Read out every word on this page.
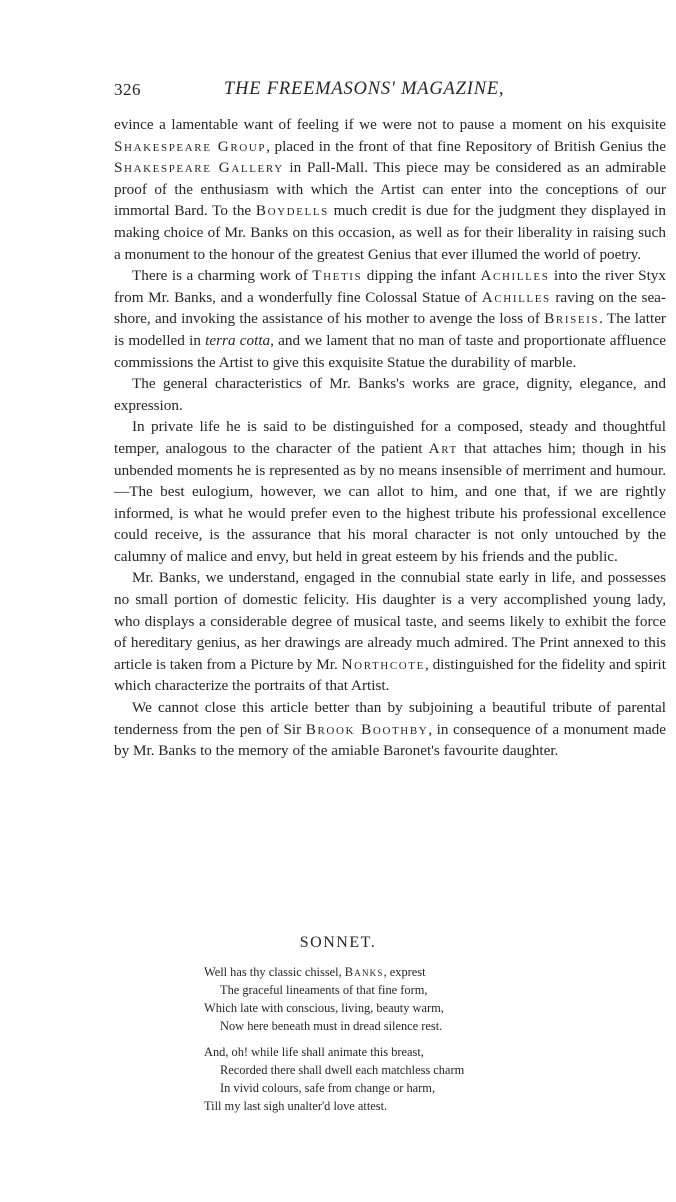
326	THE FREEMASONS' MAGAZINE,

evince a lamentable want of feeling if we were not to pause a moment on his exquisite Shakespeare Group, placed in the front of that fine Repository of British Genius the Shakespeare Gallery in Pall-Mall. This piece may be considered as an admirable proof of the enthusiasm with which the Artist can enter into the conceptions of our immortal Bard. To the Boydells much credit is due for the judgment they displayed in making choice of Mr. Banks on this occasion, as well as for their liberality in raising such a monument to the honour of the greatest Genius that ever illumed the world of poetry.

There is a charming work of Thetis dipping the infant Achilles into the river Styx from Mr. Banks, and a wonderfully fine Colossal Statue of Achilles raving on the sea-shore, and invoking the assistance of his mother to avenge the loss of Briseis. The latter is modelled in terra cotta, and we lament that no man of taste and proportionate affluence commissions the Artist to give this exquisite Statue the durability of marble.

The general characteristics of Mr. Banks's works are grace, dignity, elegance, and expression.

In private life he is said to be distinguished for a composed, steady and thoughtful temper, analogous to the character of the patient Art that attaches him; though in his unbended moments he is represented as by no means insensible of merriment and humour.—The best eulogium, however, we can allot to him, and one that, if we are rightly informed, is what he would prefer even to the highest tribute his professional excellence could receive, is the assurance that his moral character is not only untouched by the calumny of malice and envy, but held in great esteem by his friends and the public.

Mr. Banks, we understand, engaged in the connubial state early in life, and possesses no small portion of domestic felicity. His daughter is a very accomplished young lady, who displays a considerable degree of musical taste, and seems likely to exhibit the force of hereditary genius, as her drawings are already much admired. The Print annexed to this article is taken from a Picture by Mr. Northcote, distinguished for the fidelity and spirit which characterize the portraits of that Artist.

We cannot close this article better than by subjoining a beautiful tribute of parental tenderness from the pen of Sir Brook Boothby, in consequence of a monument made by Mr. Banks to the memory of the amiable Baronet's favourite daughter.

SONNET.
Well has thy classic chissel, Banks, exprest
The graceful lineaments of that fine form,
Which late with conscious, living, beauty warm,
Now here beneath must in dread silence rest.
And, oh! while life shall animate this breast,
Recorded there shall dwell each matchless charm
In vivid colours, safe from change or harm,
Till my last sigh unalter'd love attest.
